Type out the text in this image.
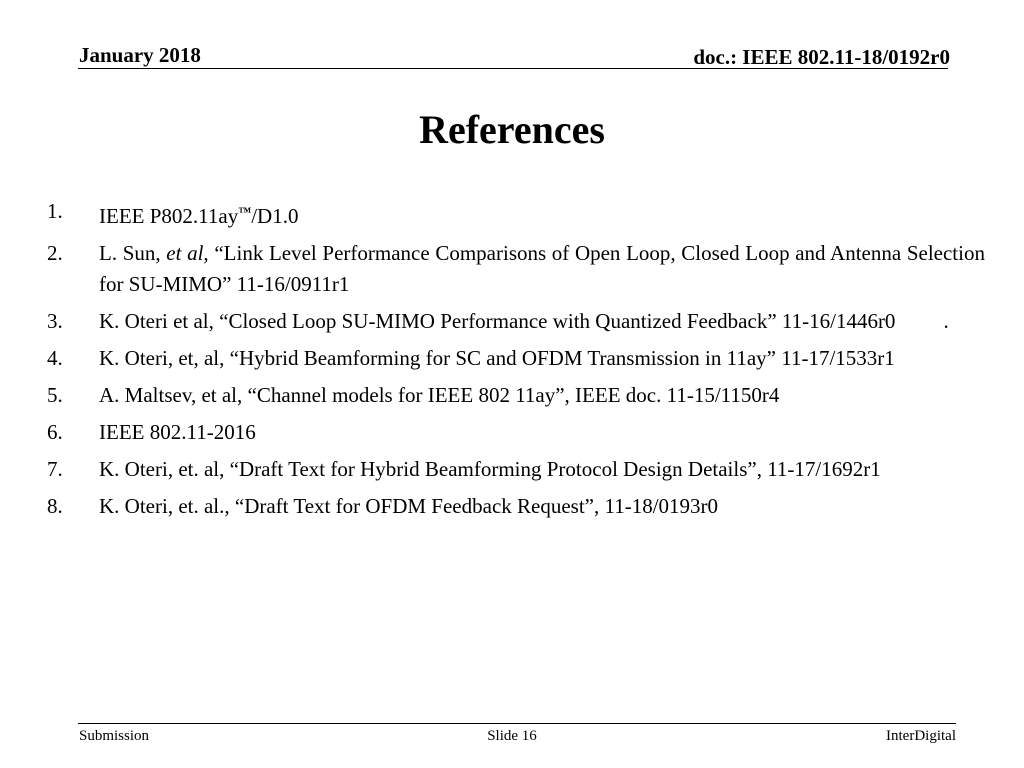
January 2018	doc.: IEEE 802.11-18/0192r0
References
1. IEEE P802.11ay™/D1.0
2. L. Sun, et al, “Link Level Performance Comparisons of Open Loop, Closed Loop and Antenna Selection for SU-MIMO” 11-16/0911r1
3. K. Oteri et al, “Closed Loop SU-MIMO Performance with Quantized Feedback” 11-16/1446r0 .
4. K. Oteri, et, al, “Hybrid Beamforming for SC and OFDM Transmission in 11ay” 11-17/1533r1
5. A. Maltsev, et al, “Channel models for IEEE 802 11ay”, IEEE doc. 11-15/1150r4
6. IEEE 802.11-2016
7. K. Oteri, et. al, “Draft Text for Hybrid Beamforming Protocol Design Details”, 11-17/1692r1
8. K. Oteri, et. al., “Draft Text for OFDM Feedback Request”, 11-18/0193r0
Submission	Slide 16	InterDigital
